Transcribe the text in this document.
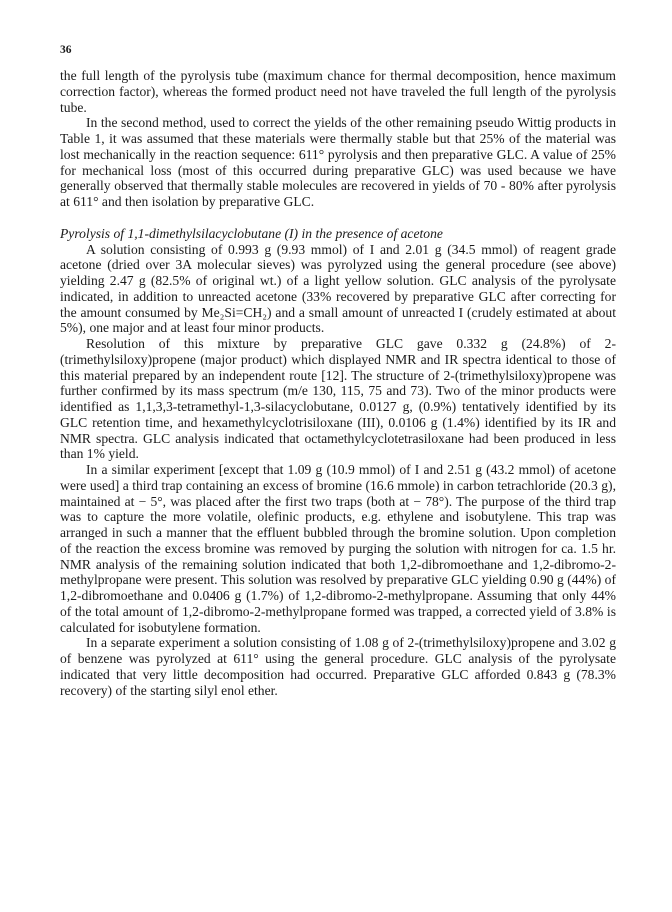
36

the full length of the pyrolysis tube (maximum chance for thermal decomposition, hence maximum correction factor), whereas the formed product need not have traveled the full length of the pyrolysis tube.

In the second method, used to correct the yields of the other remaining pseudo Wittig products in Table 1, it was assumed that these materials were thermally stable but that 25% of the material was lost mechanically in the reaction sequence: 611° pyrolysis and then preparative GLC. A value of 25% for mechanical loss (most of this occurred during preparative GLC) was used because we have generally observed that thermally stable molecules are recovered in yields of 70 - 80% after pyrolysis at 611° and then isolation by preparative GLC.

Pyrolysis of 1,1-dimethylsilacyclobutane (I) in the presence of acetone

A solution consisting of 0.993 g (9.93 mmol) of I and 2.01 g (34.5 mmol) of reagent grade acetone (dried over 3A molecular sieves) was pyrolyzed using the general procedure (see above) yielding 2.47 g (82.5% of original wt.) of a light yellow solution. GLC analysis of the pyrolysate indicated, in addition to unreacted acetone (33% recovered by preparative GLC after correcting for the amount consumed by Me₂Si=CH₂) and a small amount of unreacted I (crudely estimated at about 5%), one major and at least four minor products.

Resolution of this mixture by preparative GLC gave 0.332 g (24.8%) of 2-(trimethylsiloxy)propene (major product) which displayed NMR and IR spectra identical to those of this material prepared by an independent route [12]. The structure of 2-(trimethylsiloxy)propene was further confirmed by its mass spectrum (m/e 130, 115, 75 and 73). Two of the minor products were identified as 1,1,3,3-tetramethyl-1,3-silacyclobutane, 0.0127 g, (0.9%) tentatively identified by its GLC retention time, and hexamethylcyclotrisiloxane (III), 0.0106 g (1.4%) identified by its IR and NMR spectra. GLC analysis indicated that octamethylcyclotetrasiloxane had been produced in less than 1% yield.

In a similar experiment [except that 1.09 g (10.9 mmol) of I and 2.51 g (43.2 mmol) of acetone were used] a third trap containing an excess of bromine (16.6 mmole) in carbon tetrachloride (20.3 g), maintained at − 5°, was placed after the first two traps (both at − 78°). The purpose of the third trap was to capture the more volatile, olefinic products, e.g. ethylene and isobutylene. This trap was arranged in such a manner that the effluent bubbled through the bromine solution. Upon completion of the reaction the excess bromine was removed by purging the solution with nitrogen for ca. 1.5 hr. NMR analysis of the remaining solution indicated that both 1,2-dibromoethane and 1,2-dibromo-2-methylpropane were present. This solution was resolved by preparative GLC yielding 0.90 g (44%) of 1,2-dibromoethane and 0.0406 g (1.7%) of 1,2-dibromo-2-methylpropane. Assuming that only 44% of the total amount of 1,2-dibromo-2-methylpropane formed was trapped, a corrected yield of 3.8% is calculated for isobutylene formation.

In a separate experiment a solution consisting of 1.08 g of 2-(trimethylsiloxy)propene and 3.02 g of benzene was pyrolyzed at 611° using the general procedure. GLC analysis of the pyrolysate indicated that very little decomposition had occurred. Preparative GLC afforded 0.843 g (78.3% recovery) of the starting silyl enol ether.
